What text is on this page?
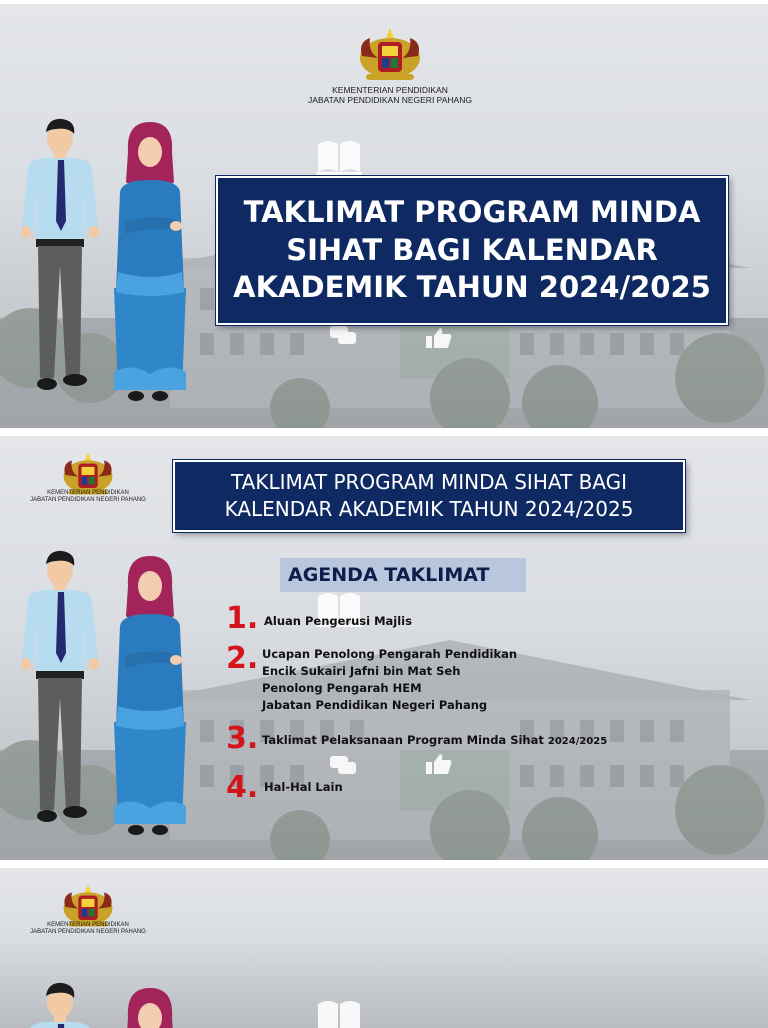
KEMENTERIAN PENDIDIKAN
JABATAN PENDIDIKAN NEGERI PAHANG
TAKLIMAT PROGRAM MINDA
SIHAT BAGI KALENDAR
AKADEMIK TAHUN 2024/2025
KEMENTERIAN PENDIDIKAN
JABATAN PENDIDIKAN NEGERI PAHANG
TAKLIMAT PROGRAM MINDA SIHAT BAGI
KALENDAR AKADEMIK TAHUN 2024/2025
AGENDA TAKLIMAT
1. Aluan Pengerusi Majlis
2. Ucapan Penolong Pengarah Pendidikan
Encik Sukairi Jafni bin Mat Seh
Penolong Pengarah HEM
Jabatan Pendidikan Negeri Pahang
3. Taklimat Pelaksanaan Program Minda Sihat 2024/2025
4. Hal-Hal Lain
KEMENTERIAN PENDIDIKAN
JABATAN PENDIDIKAN NEGERI PAHANG
